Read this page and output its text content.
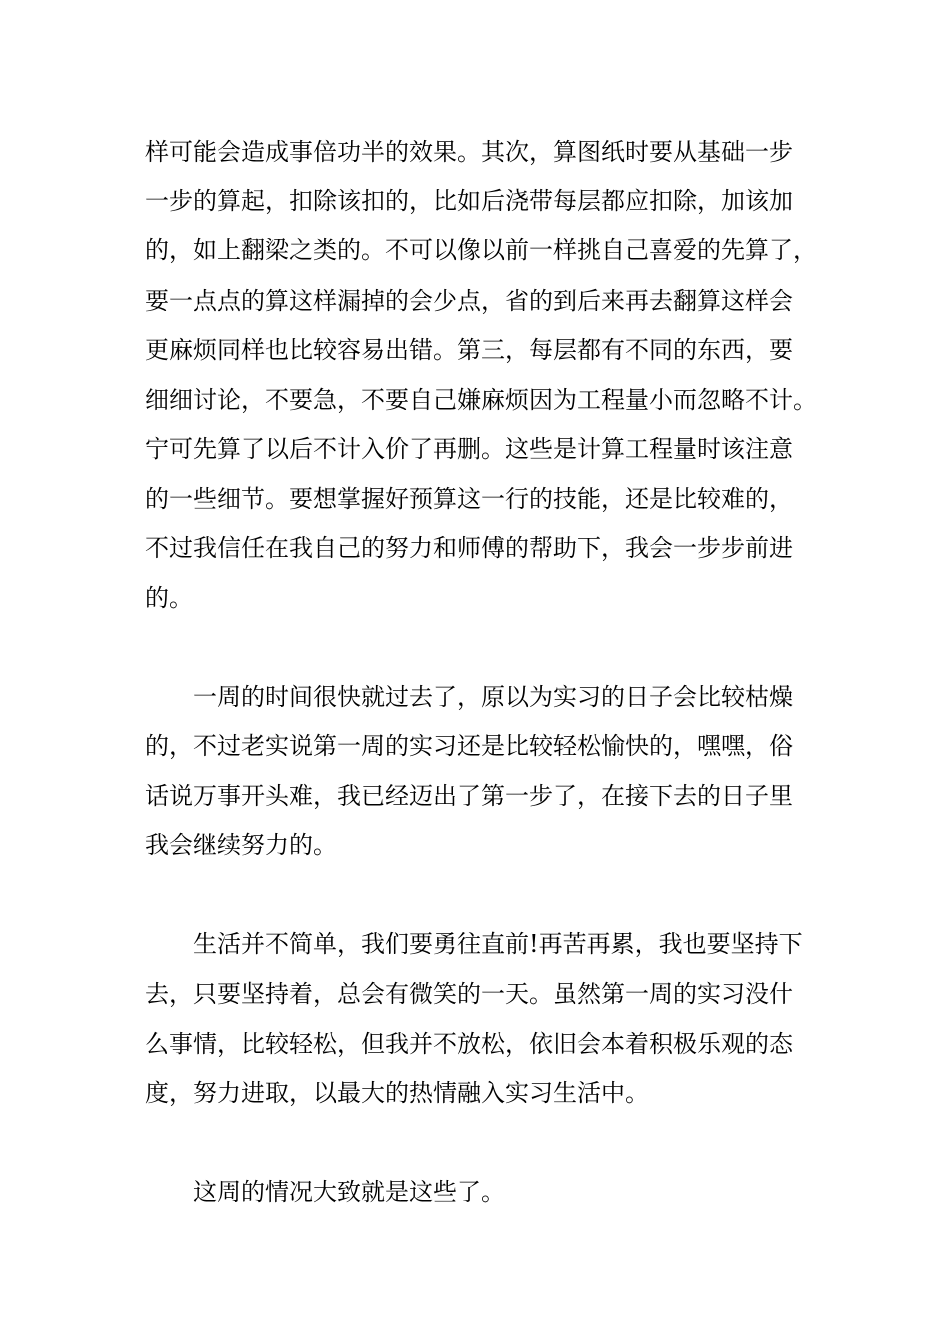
样可能会造成事倍功半的效果。其次，算图纸时要从基础一步
一步的算起，扣除该扣的，比如后浇带每层都应扣除，加该加
的，如上翻梁之类的。不可以像以前一样挑自己喜爱的先算了，
要一点点的算这样漏掉的会少点，省的到后来再去翻算这样会
更麻烦同样也比较容易出错。第三，每层都有不同的东西，要
细细讨论，不要急，不要自己嫌麻烦因为工程量小而忽略不计。
宁可先算了以后不计入价了再删。这些是计算工程量时该注意
的一些细节。要想掌握好预算这一行的技能，还是比较难的，
不过我信任在我自己的努力和师傅的帮助下，我会一步步前进
的。
一周的时间很快就过去了，原以为实习的日子会比较枯燥
的，不过老实说第一周的实习还是比较轻松愉快的，嘿嘿，俗
话说万事开头难，我已经迈出了第一步了，在接下去的日子里
我会继续努力的。
生活并不简单，我们要勇往直前!再苦再累，我也要坚持下
去，只要坚持着，总会有微笑的一天。虽然第一周的实习没什
么事情，比较轻松，但我并不放松，依旧会本着积极乐观的态
度，努力进取，以最大的热情融入实习生活中。
这周的情况大致就是这些了。
